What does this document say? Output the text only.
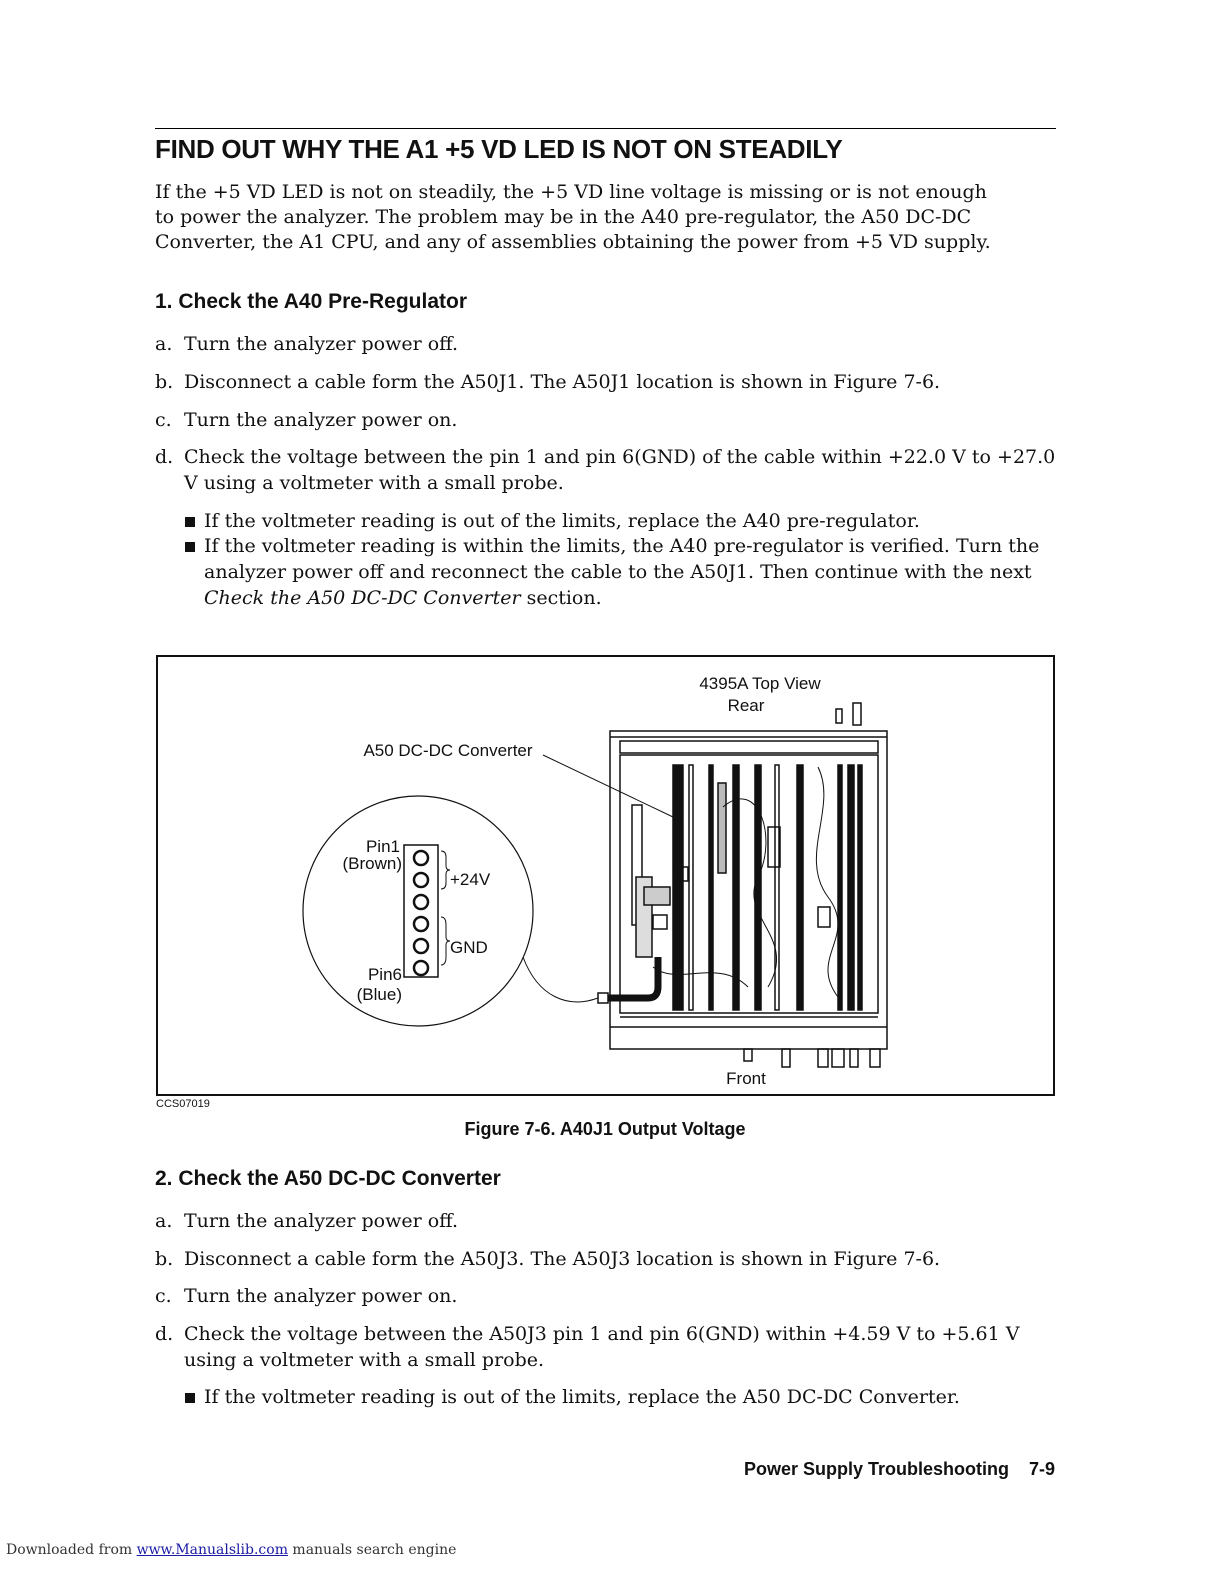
FIND OUT WHY THE A1 +5 VD LED IS NOT ON STEADILY

If the +5 VD LED is not on steadily, the +5 VD line voltage is missing or is not enough
to power the analyzer. The problem may be in the A40 pre-regulator, the A50 DC-DC
Converter, the A1 CPU, and any of assemblies obtaining the power from +5 VD supply.

1. Check the A40 Pre-Regulator
a. Turn the analyzer power off.
b. Disconnect a cable form the A50J1. The A50J1 location is shown in Figure 7-6.
c. Turn the analyzer power on.
d. Check the voltage between the pin 1 and pin 6(GND) of the cable within +22.0 V to +27.0 V using a voltmeter with a small probe.
If the voltmeter reading is out of the limits, replace the A40 pre-regulator.
If the voltmeter reading is within the limits, the A40 pre-regulator is verified. Turn the analyzer power off and reconnect the cable to the A50J1. Then continue with the next Check the A50 DC-DC Converter section.
4395A Top View
Rear
Front
A50 DC-DC Converter
J2
J3
J1
+24V
GND
Pin1
(Brown)
Pin6
(Blue)
CCS07019
Figure 7-6. A40J1 Output Voltage
2. Check the A50 DC-DC Converter
a. Turn the analyzer power off.
b. Disconnect a cable form the A50J3. The A50J3 location is shown in Figure 7-6.
c. Turn the analyzer power on.
d. Check the voltage between the A50J3 pin 1 and pin 6(GND) within +4.59 V to +5.61 V using a voltmeter with a small probe.
If the voltmeter reading is out of the limits, replace the A50 DC-DC Converter.
Power Supply Troubleshooting 7-9
Downloaded from www.Manualslib.com manuals search engine
